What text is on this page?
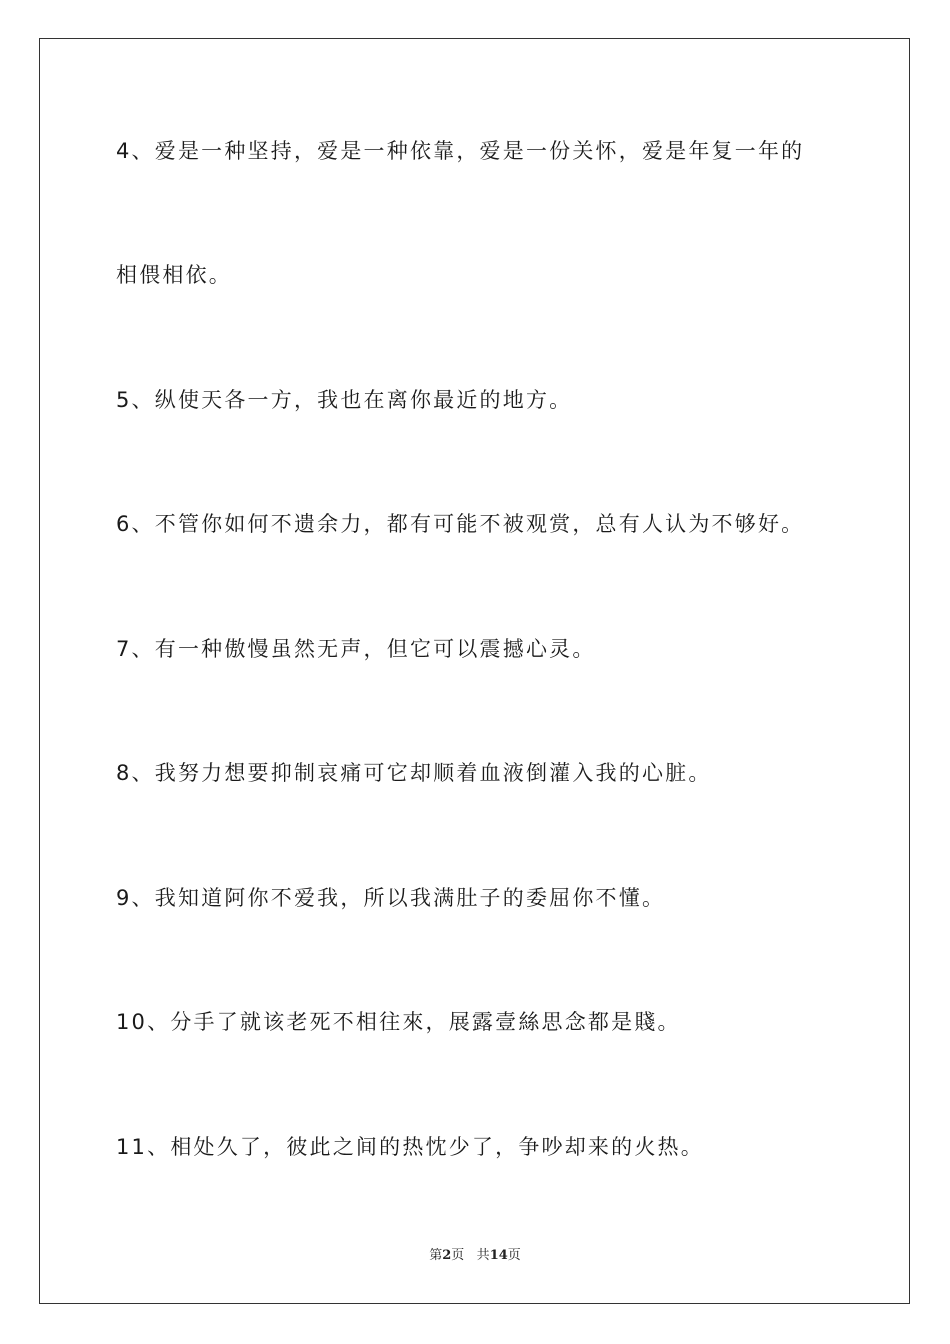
4、爱是一种坚持，爱是一种依靠，爱是一份关怀，爱是年复一年的
相偎相依。
5、纵使天各一方，我也在离你最近的地方。
6、不管你如何不遗余力，都有可能不被观赏，总有人认为不够好。
7、有一种傲慢虽然无声，但它可以震撼心灵。
8、我努力想要抑制哀痛可它却顺着血液倒灌入我的心脏。
9、我知道阿你不爱我，所以我满肚子的委屈你不懂。
10、分手了就该老死不相往來，展露壹絲思念都是賤。
11、相处久了，彼此之间的热忱少了，争吵却来的火热。
第2页 共14页
